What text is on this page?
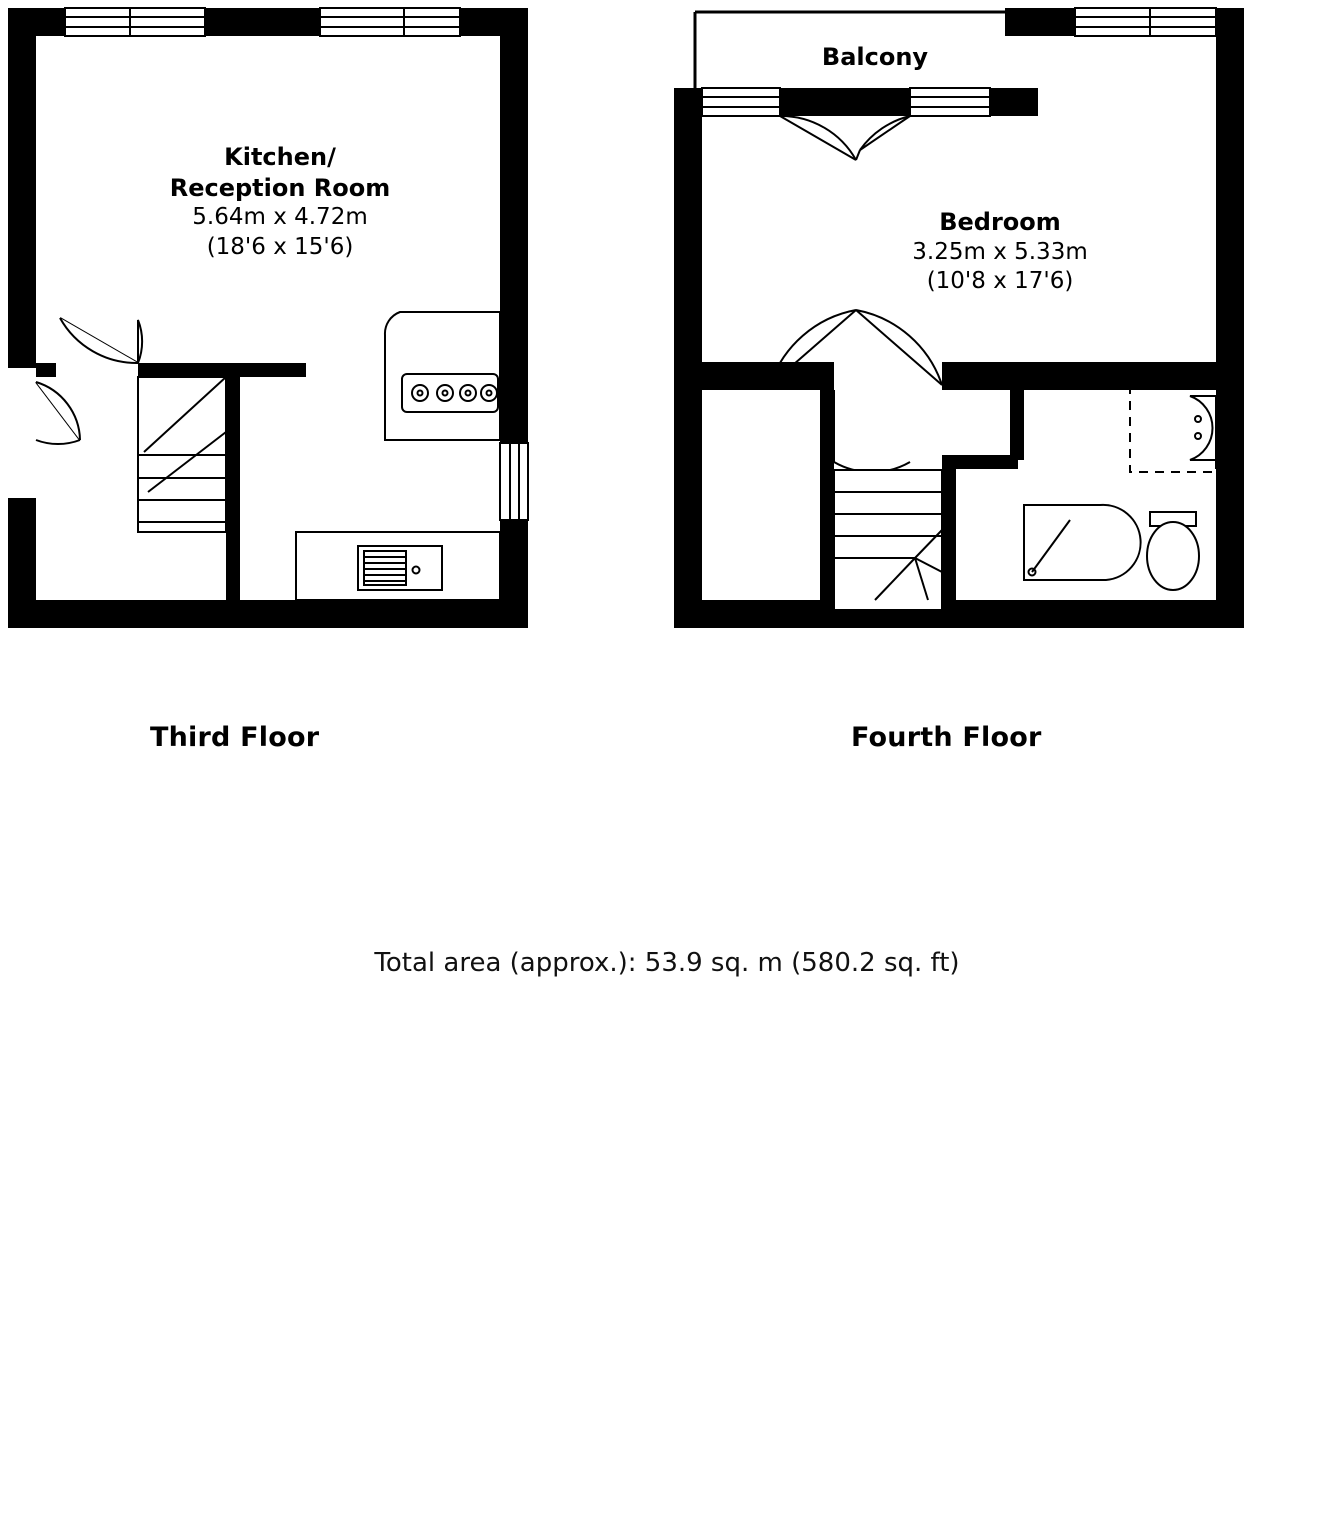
Kitchen/
Reception Room
5.64m x 4.72m
(18'6 x 15'6)
Balcony
Bedroom
3.25m x 5.33m
(10'8 x 17'6)
Third Floor	Fourth Floor
Total area (approx.): 53.9 sq. m (580.2 sq. ft)
